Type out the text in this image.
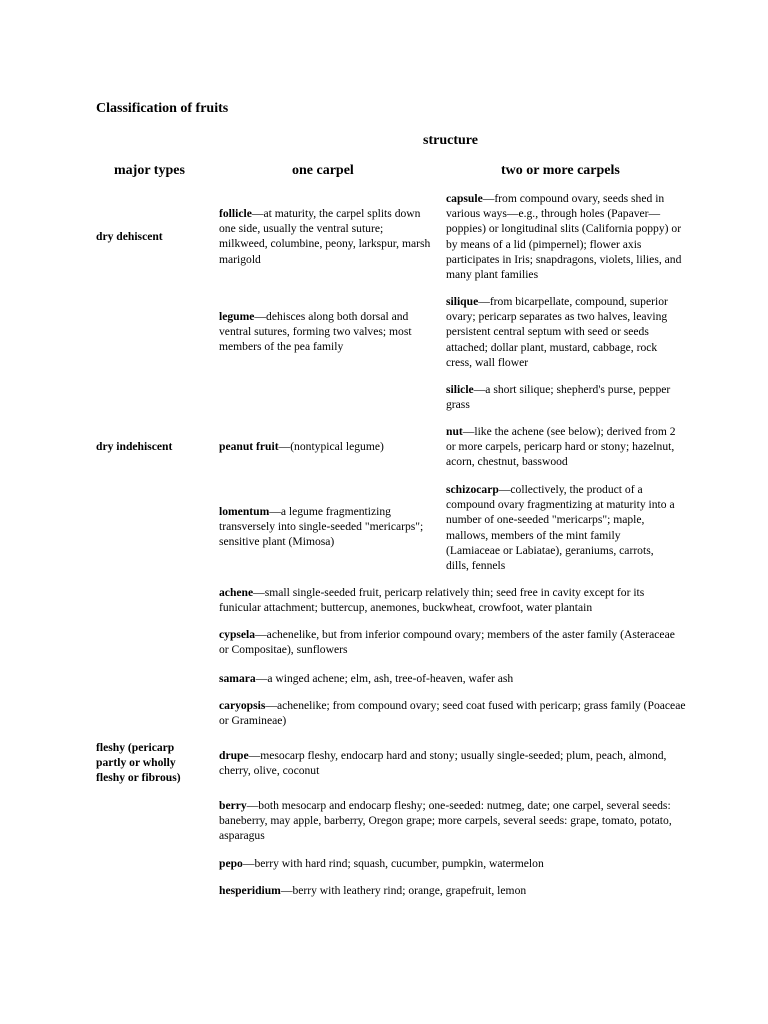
Classification of fruits
structure
major types	one carpel	two or more carpels
dry dehiscent
dry indehiscent
fleshy (pericarp partly or wholly fleshy or fibrous)

follicle—at maturity, the carpel splits down one side, usually the ventral suture; milkweed, columbine, peony, larkspur, marsh marigold

legume—dehisces along both dorsal and ventral sutures, forming two valves; most members of the pea family

capsule—from compound ovary, seeds shed in various ways—e.g., through holes (Papaver—poppies) or longitudinal slits (California poppy) or by means of a lid (pimpernel); flower axis participates in Iris; snapdragons, violets, lilies, and many plant families

silique—from bicarpellate, compound, superior ovary; pericarp separates as two halves, leaving persistent central septum with seed or seeds attached; dollar plant, mustard, cabbage, rock cress, wall flower

silicle—a short silique; shepherd's purse, pepper grass

peanut fruit—(nontypical legume)

nut—like the achene (see below); derived from 2 or more carpels, pericarp hard or stony; hazelnut, acorn, chestnut, basswood

lomentum—a legume fragmentizing transversely into single-seeded "mericarps"; sensitive plant (Mimosa)

schizocarp—collectively, the product of a compound ovary fragmentizing at maturity into a number of one-seeded "mericarps"; maple, mallows, members of the mint family (Lamiaceae or Labiatae), geraniums, carrots, dills, fennels

achene—small single-seeded fruit, pericarp relatively thin; seed free in cavity except for its funicular attachment; buttercup, anemones, buckwheat, crowfoot, water plantain

cypsela—achenelike, but from inferior compound ovary; members of the aster family (Asteraceae or Compositae), sunflowers

samara—a winged achene; elm, ash, tree-of-heaven, wafer ash

caryopsis—achenelike; from compound ovary; seed coat fused with pericarp; grass family (Poaceae or Gramineae)

drupe—mesocarp fleshy, endocarp hard and stony; usually single-seeded; plum, peach, almond, cherry, olive, coconut

berry—both mesocarp and endocarp fleshy; one-seeded: nutmeg, date; one carpel, several seeds: baneberry, may apple, barberry, Oregon grape; more carpels, several seeds: grape, tomato, potato, asparagus

pepo—berry with hard rind; squash, cucumber, pumpkin, watermelon

hesperidium—berry with leathery rind; orange, grapefruit, lemon
